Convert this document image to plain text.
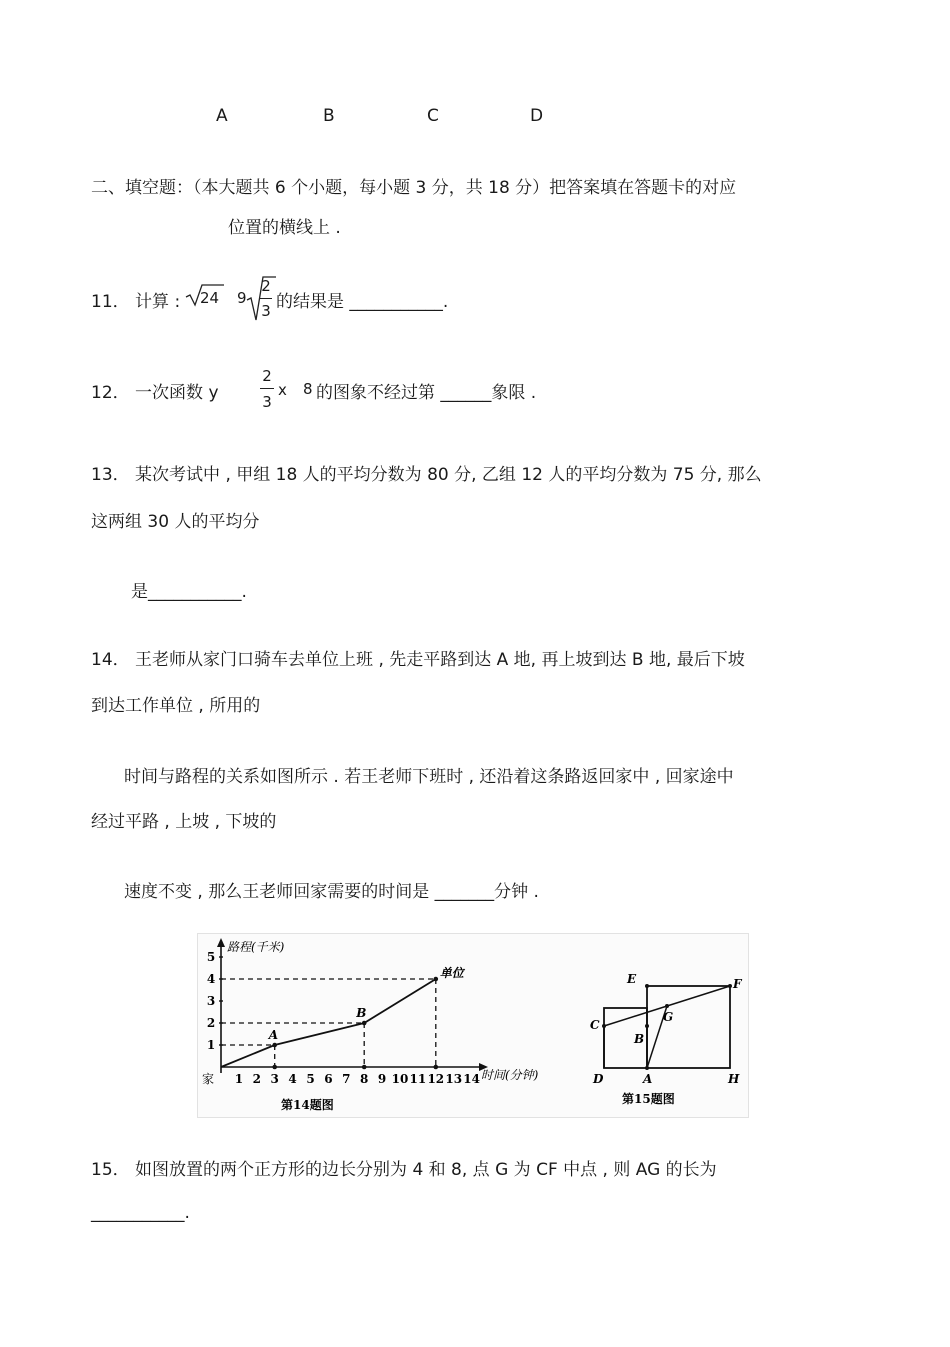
A	B	C	D
二、填空题：（本大题共 6 个小题，每小题 3 分，共 18 分）把答案填在答题卡的对应
位置的横线上 .
11． 计算 : 24 9
2
3 的结果是 ___________.
12． 一次函数 y
2
3
x 8 的图象不经过第 ______象限 .
13． 某次考试中 , 甲组 18 人的平均分数为 80 分, 乙组 12 人的平均分数为 75 分, 那么
这两组 30 人的平均分
是___________.
14． 王老师从家门口骑车去单位上班 , 先走平路到达 A 地, 再上坡到达 B 地, 最后下坡
到达工作单位 , 所用的
时间与路程的关系如图所示 . 若王老师下班时 , 还沿着这条路返回家中 , 回家途中
经过平路 , 上坡 , 下坡的
速度不变 , 那么王老师回家需要的时间是 _______分钟 .
路程(千米)
时间(分钟)
家 1 2 3 4 5 6 7 8 9 10 11 12 13 14
1
2
3
4
5
A
B
单位
第14题图
E	F
C
G
B
D	A	H
第15题图
15． 如图放置的两个正方形的边长分别为 4 和 8, 点 G 为 CF 中点 , 则 AG 的长为
___________.
